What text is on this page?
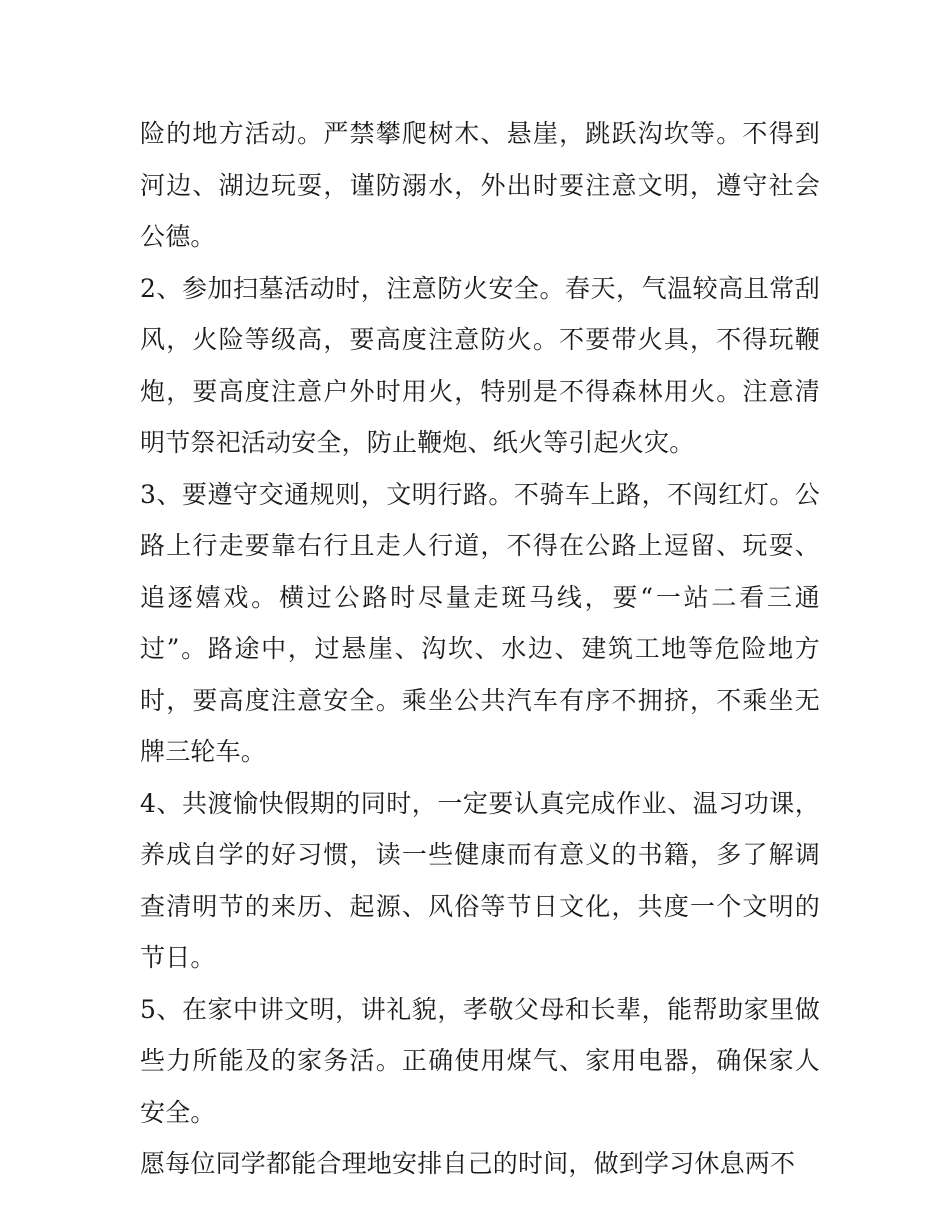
险的地方活动。严禁攀爬树木、悬崖，跳跃沟坎等。不得到河边、湖边玩耍，谨防溺水，外出时要注意文明，遵守社会公德。

2、参加扫墓活动时，注意防火安全。春天，气温较高且常刮风，火险等级高，要高度注意防火。不要带火具，不得玩鞭炮，要高度注意户外时用火，特别是不得森林用火。注意清明节祭祀活动安全，防止鞭炮、纸火等引起火灾。

3、要遵守交通规则，文明行路。不骑车上路，不闯红灯。公路上行走要靠右行且走人行道，不得在公路上逗留、玩耍、追逐嬉戏。横过公路时尽量走斑马线，要“一站二看三通过”。路途中，过悬崖、沟坎、水边、建筑工地等危险地方时，要高度注意安全。乘坐公共汽车有序不拥挤，不乘坐无牌三轮车。

4、共渡愉快假期的同时，一定要认真完成作业、温习功课，养成自学的好习惯，读一些健康而有意义的书籍，多了解调查清明节的来历、起源、风俗等节日文化，共度一个文明的节日。

5、在家中讲文明，讲礼貌，孝敬父母和长辈，能帮助家里做些力所能及的家务活。正确使用煤气、家用电器，确保家人安全。

愿每位同学都能合理地安排自己的时间，做到学习休息两不
